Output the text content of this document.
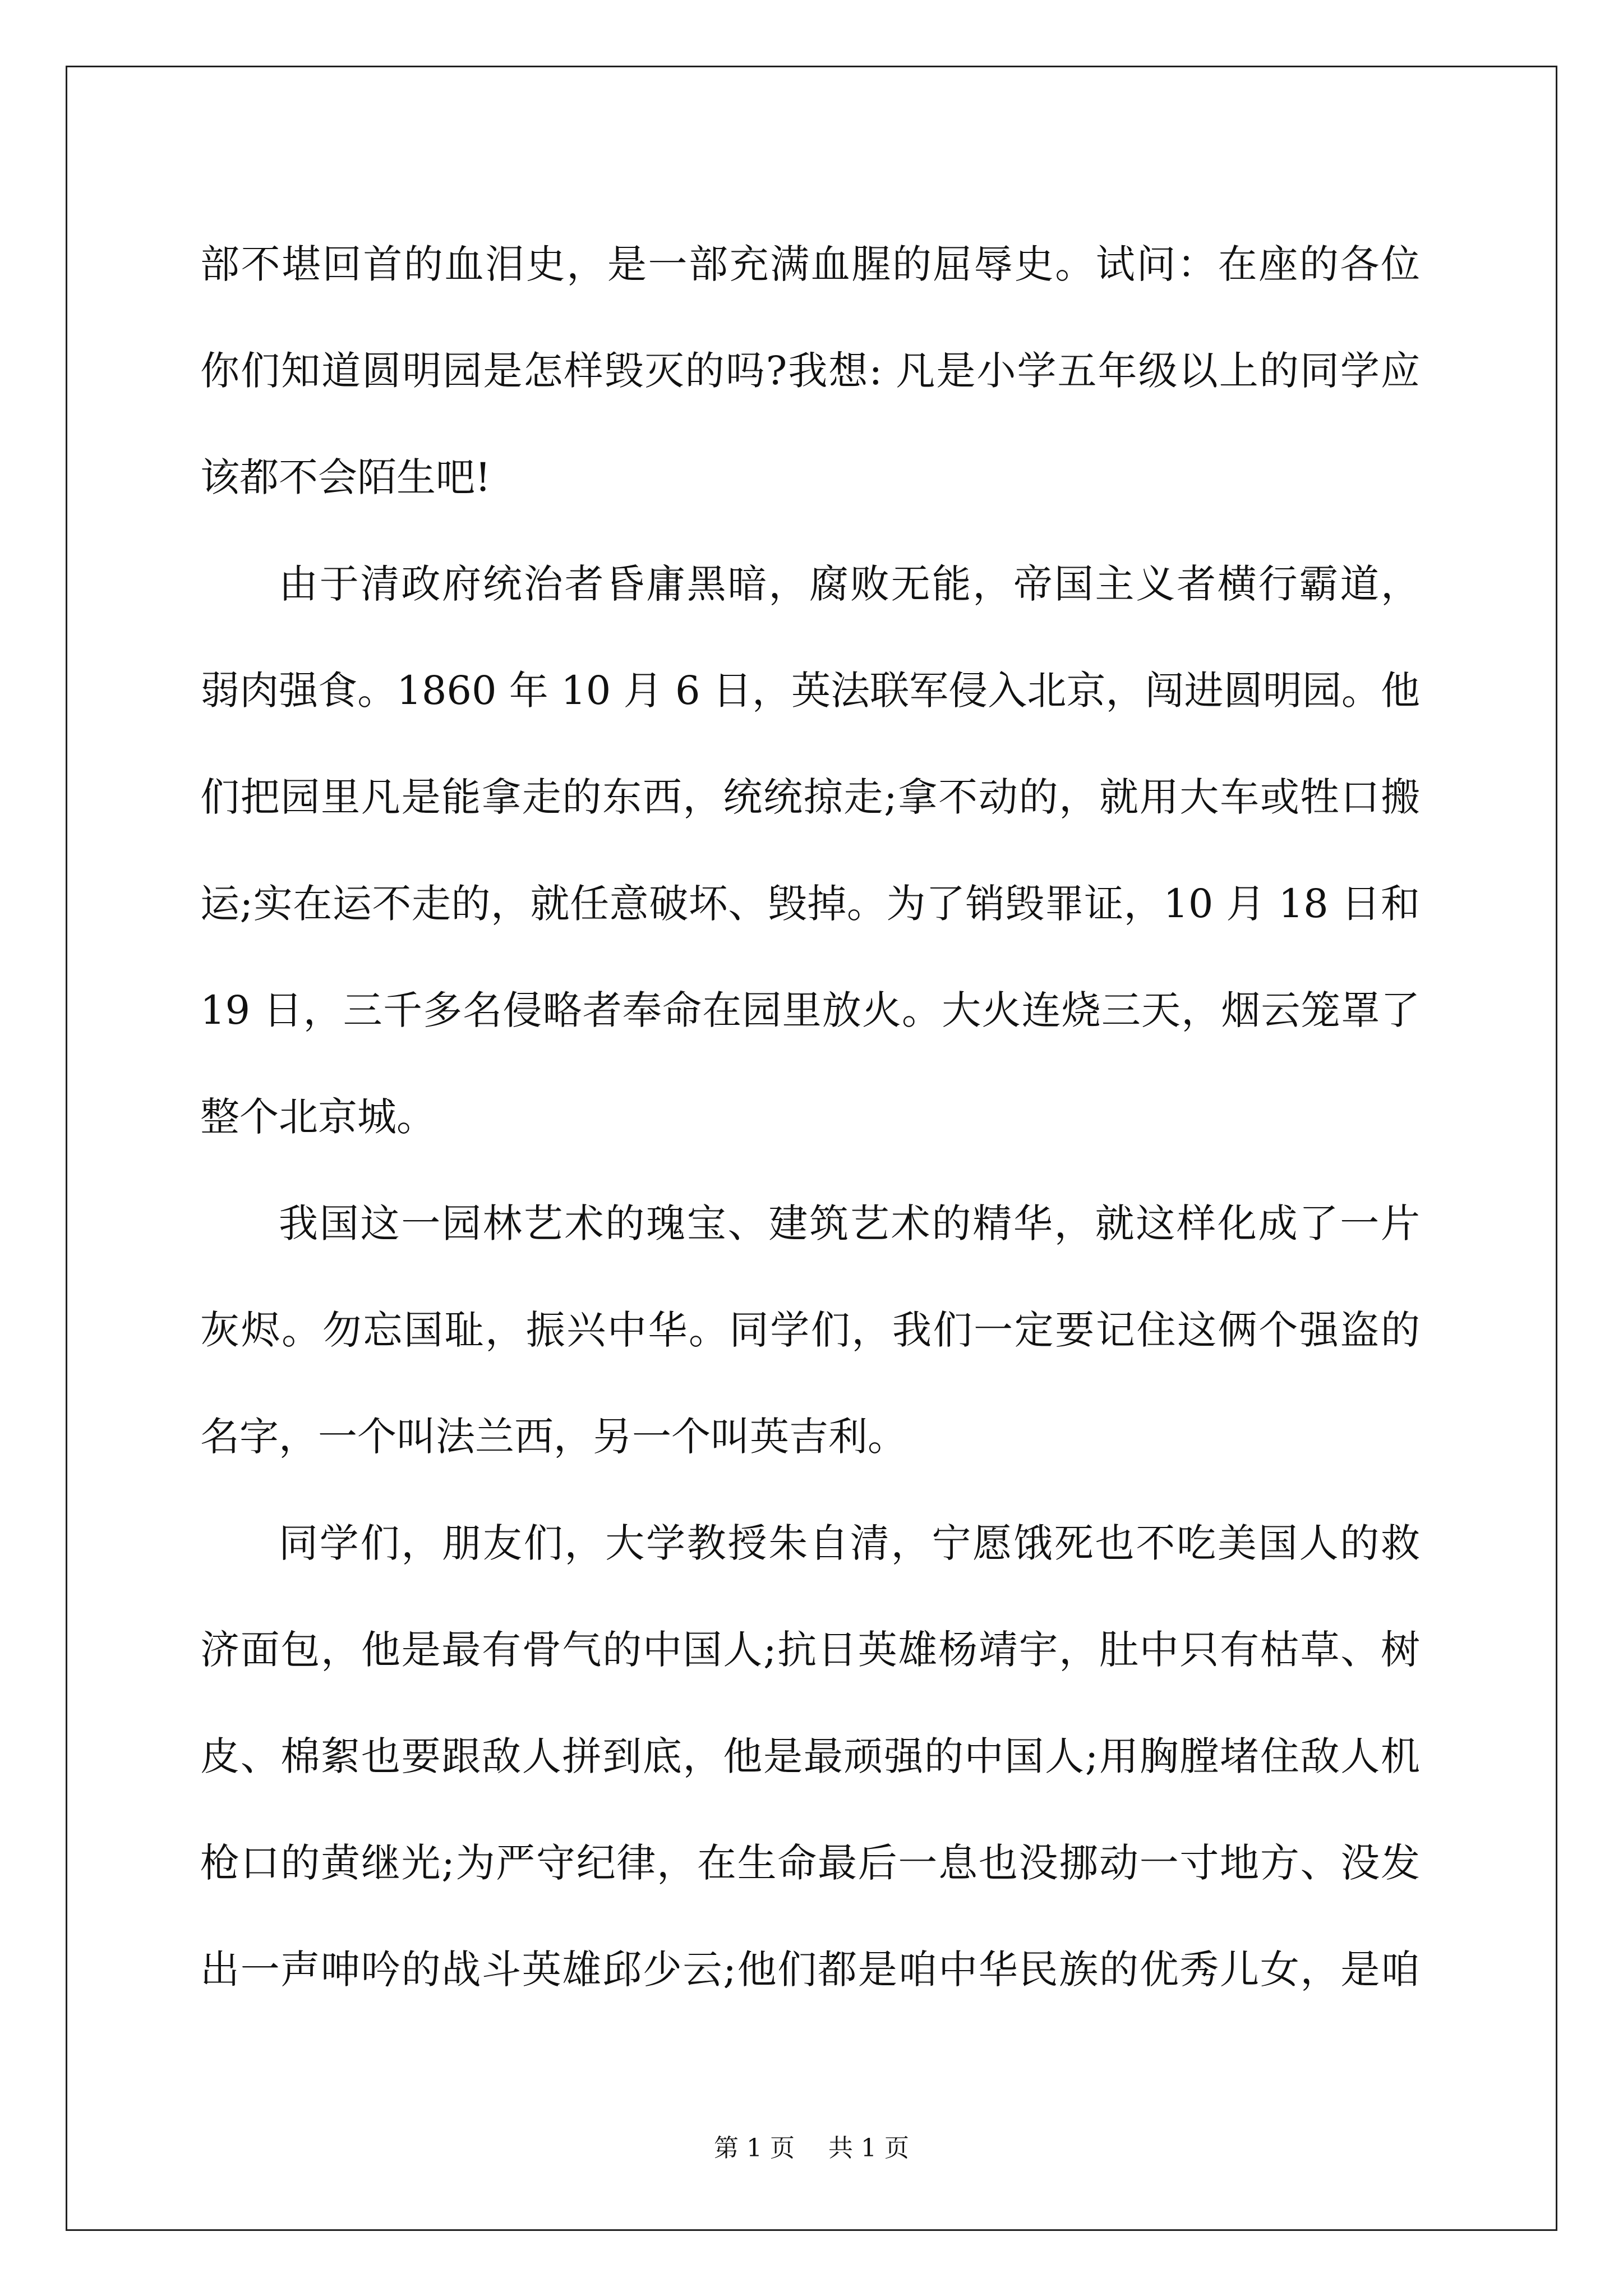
部不堪回首的血泪史，是一部充满血腥的屈辱史。试问：在座的各位
你们知道圆明园是怎样毁灭的吗?我想: 凡是小学五年级以上的同学应
该都不会陌生吧!
由于清政府统治者昏庸黑暗，腐败无能，帝国主义者横行霸道，
弱肉强食。1860 年 10 月 6 日，英法联军侵入北京，闯进圆明园。他
们把园里凡是能拿走的东西，统统掠走;拿不动的，就用大车或牲口搬
运;实在运不走的，就任意破坏、毁掉。为了销毁罪证，10 月 18 日和
19 日，三千多名侵略者奉命在园里放火。大火连烧三天，烟云笼罩了
整个北京城。
我国这一园林艺术的瑰宝、建筑艺术的精华，就这样化成了一片
灰烬。勿忘国耻，振兴中华。同学们，我们一定要记住这俩个强盗的
名字，一个叫法兰西，另一个叫英吉利。
同学们，朋友们，大学教授朱自清，宁愿饿死也不吃美国人的救
济面包，他是最有骨气的中国人;抗日英雄杨靖宇，肚中只有枯草、树
皮、棉絮也要跟敌人拼到底，他是最顽强的中国人;用胸膛堵住敌人机
枪口的黄继光;为严守纪律，在生命最后一息也没挪动一寸地方、没发
出一声呻吟的战斗英雄邱少云;他们都是咱中华民族的优秀儿女，是咱
第 1 页 共 1 页
